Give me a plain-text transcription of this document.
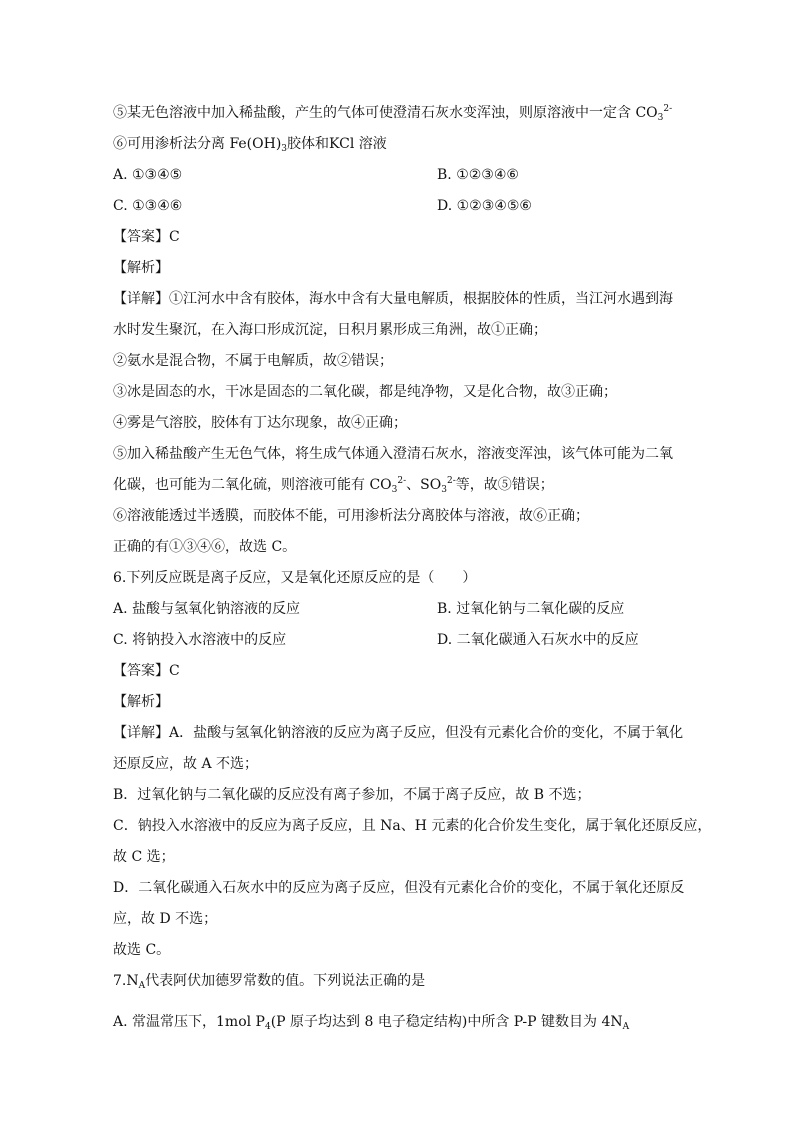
⑤某无色溶液中加入稀盐酸，产生的气体可使澄清石灰水变浑浊，则原溶液中一定含 $CO_3^{2-}$
⑥可用渗析法分离 $Fe(OH)_3$胶体和KCl 溶液
A. ①③④⑤	B. ①②③④⑥
C. ①③④⑥	D. ①②③④⑤⑥
【答案】C
【解析】
【详解】①江河水中含有胶体，海水中含有大量电解质，根据胶体的性质，当江河水遇到海
水时发生聚沉，在入海口形成沉淀，日积月累形成三角洲，故①正确；
②氨水是混合物，不属于电解质，故②错误；
③冰是固态的水，干冰是固态的二氧化碳，都是纯净物，又是化合物，故③正确；
④雾是气溶胶，胶体有丁达尔现象，故④正确；
⑤加入稀盐酸产生无色气体，将生成气体通入澄清石灰水，溶液变浑浊，该气体可能为二氧
化碳，也可能为二氧化硫，则溶液可能有 $CO_3^{2-}$、$SO_3^{2-}$等，故⑤错误；
⑥溶液能透过半透膜，而胶体不能，可用渗析法分离胶体与溶液，故⑥正确；
正确的有①③④⑥，故选 C。
6.下列反应既是离子反应，又是氧化还原反应的是（　　）
A. 盐酸与氢氧化钠溶液的反应	B. 过氧化钠与二氧化碳的反应
C. 将钠投入水溶液中的反应	D. 二氧化碳通入石灰水中的反应
【答案】C
【解析】
【详解】A．盐酸与氢氧化钠溶液的反应为离子反应，但没有元素化合价的变化，不属于氧化
还原反应，故 A 不选；
B．过氧化钠与二氧化碳的反应没有离子参加，不属于离子反应，故 B 不选；
C．钠投入水溶液中的反应为离子反应，且 Na、H 元素的化合价发生变化，属于氧化还原反应，
故 C 选；
D．二氧化碳通入石灰水中的反应为离子反应，但没有元素化合价的变化，不属于氧化还原反
应，故 D 不选；
故选 C。
$7.N_A$代表阿伏加德罗常数的值。下列说法正确的是
A. 常温常压下，1mol $P_4(P$ 原子均达到 8 电子稳定结构)中所含 P-P 键数目为 $4N_A$
